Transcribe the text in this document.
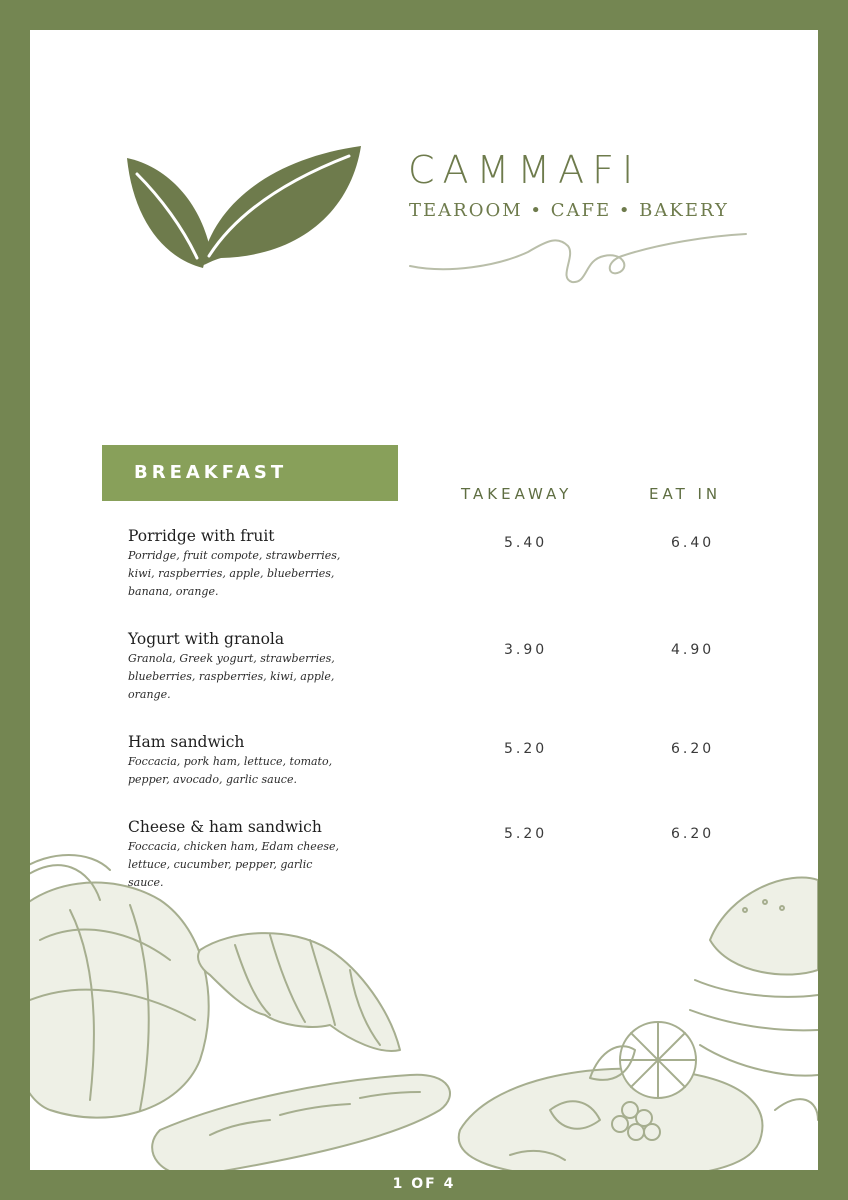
CAMMAFI

TEAROOM • CAFE • BAKERY

BREAKFAST

TAKEAWAY	EAT IN

Porridge with fruit

Porridge, fruit compote, strawberries, kiwi, raspberries, apple, blueberries, banana, orange.

5.40	6.40

Yogurt with granola

Granola, Greek yogurt, strawberries, blueberries, raspberries, kiwi, apple, orange.

3.90	4.90

Ham sandwich

Foccacia, pork ham, lettuce, tomato, pepper, avocado, garlic sauce.

5.20	6.20

Cheese & ham sandwich

Foccacia, chicken ham, Edam cheese, lettuce, cucumber, pepper, garlic sauce.

5.20	6.20

1 OF 4
